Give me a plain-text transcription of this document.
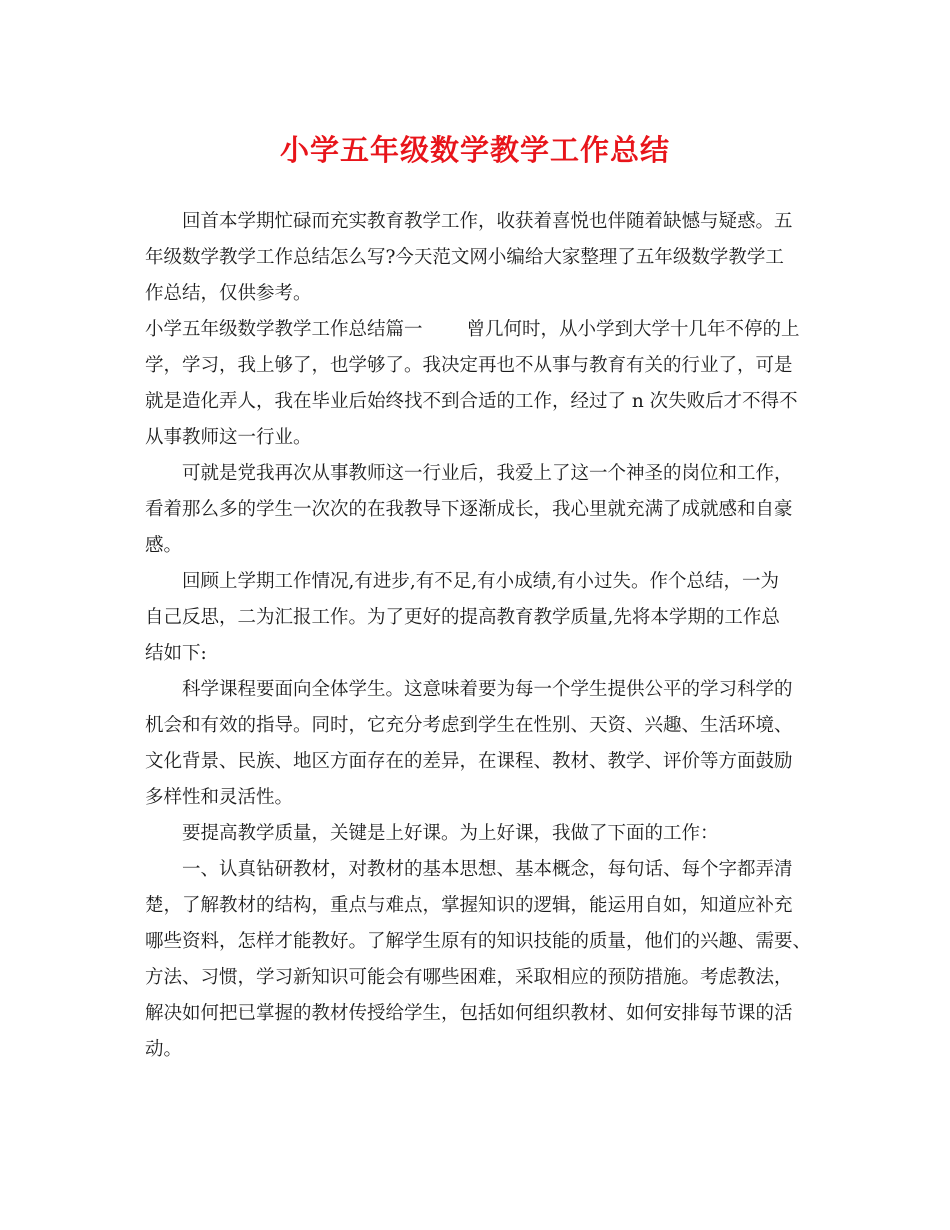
小学五年级数学教学工作总结
回首本学期忙碌而充实教育教学工作，收获着喜悦也伴随着缺憾与疑惑。五
年级数学教学工作总结怎么写?今天范文网小编给大家整理了五年级数学教学工
作总结，仅供参考。
小学五年级数学教学工作总结篇一 曾几何时，从小学到大学十几年不停的上
学，学习，我上够了，也学够了。我决定再也不从事与教育有关的行业了，可是
就是造化弄人，我在毕业后始终找不到合适的工作，经过了 n 次失败后才不得不
从事教师这一行业。
可就是党我再次从事教师这一行业后，我爱上了这一个神圣的岗位和工作，
看着那么多的学生一次次的在我教导下逐渐成长，我心里就充满了成就感和自豪
感。
回顾上学期工作情况,有进步,有不足,有小成绩,有小过失。作个总结，一为
自己反思，二为汇报工作。为了更好的提高教育教学质量,先将本学期的工作总
结如下:
科学课程要面向全体学生。这意味着要为每一个学生提供公平的学习科学的
机会和有效的指导。同时，它充分考虑到学生在性别、天资、兴趣、生活环境、
文化背景、民族、地区方面存在的差异，在课程、教材、教学、评价等方面鼓励
多样性和灵活性。
要提高教学质量，关键是上好课。为上好课，我做了下面的工作：
一、认真钻研教材，对教材的基本思想、基本概念，每句话、每个字都弄清
楚，了解教材的结构，重点与难点，掌握知识的逻辑，能运用自如，知道应补充
哪些资料，怎样才能教好。了解学生原有的知识技能的质量，他们的兴趣、需要、
方法、习惯，学习新知识可能会有哪些困难，采取相应的预防措施。考虑教法，
解决如何把已掌握的教材传授给学生，包括如何组织教材、如何安排每节课的活
动。
